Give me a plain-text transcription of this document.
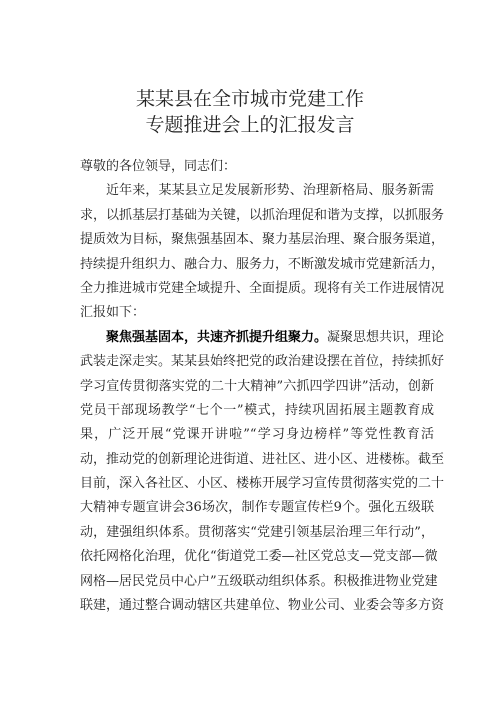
某某县在全市城市党建工作
专题推进会上的汇报发言
尊敬的各位领导，同志们：
近年来，某某县立足发展新形势、治理新格局、服务新需
求，以抓基层打基础为关键，以抓治理促和谐为支撑，以抓服务
提质效为目标，聚焦强基固本、聚力基层治理、聚合服务渠道，
持续提升组织力、融合力、服务力，不断激发城市党建新活力，
全力推进城市党建全域提升、全面提质。现将有关工作进展情况
汇报如下：
聚焦强基固本，共速齐抓提升组聚力。凝聚思想共识，理论
武装走深走实。某某县始终把党的政治建设摆在首位，持续抓好
学习宣传贯彻落实党的二十大精神”六抓四学四讲”活动，创新
党员干部现场教学“七个一”模式，持续巩固拓展主题教育成
果，广泛开展“党课开讲啦”“学习身边榜样”等党性教育活
动，推动党的创新理论进街道、进社区、进小区、进楼栋。截至
目前，深入各社区、小区、楼栋开展学习宣传贯彻落实党的二十
大精神专题宣讲会36场次，制作专题宣传栏9个。强化五级联
动，建强组织体系。贯彻落实“党建引领基层治理三年行动”，
依托网格化治理，优化“街道党工委—社区党总支—党支部—微
网格—居民党员中心户”五级联动组织体系。积极推进物业党建
联建，通过整合调动辖区共建单位、物业公司、业委会等多方资
